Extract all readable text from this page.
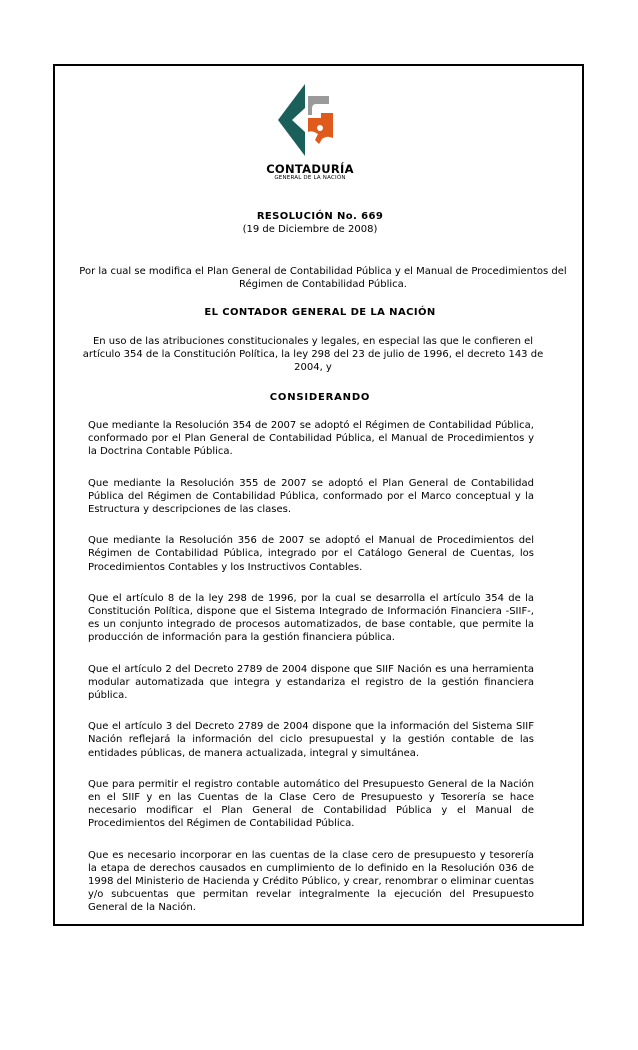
CONTADURÍA
GENERAL DE LA NACIÓN
RESOLUCIÓN No. 669
(19 de Diciembre de 2008)
Por la cual se modifica el Plan General de Contabilidad Pública y el Manual de Procedimientos del Régimen de Contabilidad Pública.
EL CONTADOR GENERAL DE LA NACIÓN
En uso de las atribuciones constitucionales y legales, en especial las que le confieren el artículo 354 de la Constitución Política, la ley 298 del 23 de julio de 1996, el decreto 143 de 2004, y
CONSIDERANDO

Que mediante la Resolución 354 de 2007 se adoptó el Régimen de Contabilidad Pública, conformado por el Plan General de Contabilidad Pública, el Manual de Procedimientos y la Doctrina Contable Pública.

Que mediante la Resolución 355 de 2007 se adoptó el Plan General de Contabilidad Pública del Régimen de Contabilidad Pública, conformado por el Marco conceptual y la Estructura y descripciones de las clases.

Que mediante la Resolución 356 de 2007 se adoptó el Manual de Procedimientos del Régimen de Contabilidad Pública, integrado por el Catálogo General de Cuentas, los Procedimientos Contables y los Instructivos Contables.

Que el artículo 8 de la ley 298 de 1996, por la cual se desarrolla el artículo 354 de la Constitución Política, dispone que el Sistema Integrado de Información Financiera -SIIF-, es un conjunto integrado de procesos automatizados, de base contable, que permite la producción de información para la gestión financiera pública.

Que el artículo 2 del Decreto 2789 de 2004 dispone que SIIF Nación es una herramienta modular automatizada que integra y estandariza el registro de la gestión financiera pública.

Que el artículo 3 del Decreto 2789 de 2004 dispone que la información del Sistema SIIF Nación reflejará la información del ciclo presupuestal y la gestión contable de las entidades públicas, de manera actualizada, integral y simultánea.

Que para permitir el registro contable automático del Presupuesto General de la Nación en el SIIF y en las Cuentas de la Clase Cero de Presupuesto y Tesorería se hace necesario modificar el Plan General de Contabilidad Pública y el Manual de Procedimientos del Régimen de Contabilidad Pública.

Que es necesario incorporar en las cuentas de la clase cero de presupuesto y tesorería la etapa de derechos causados en cumplimiento de lo definido en la Resolución 036 de 1998 del Ministerio de Hacienda y Crédito Público, y crear, renombrar o eliminar cuentas y/o subcuentas que permitan revelar integralmente la ejecución del Presupuesto General de la Nación.
